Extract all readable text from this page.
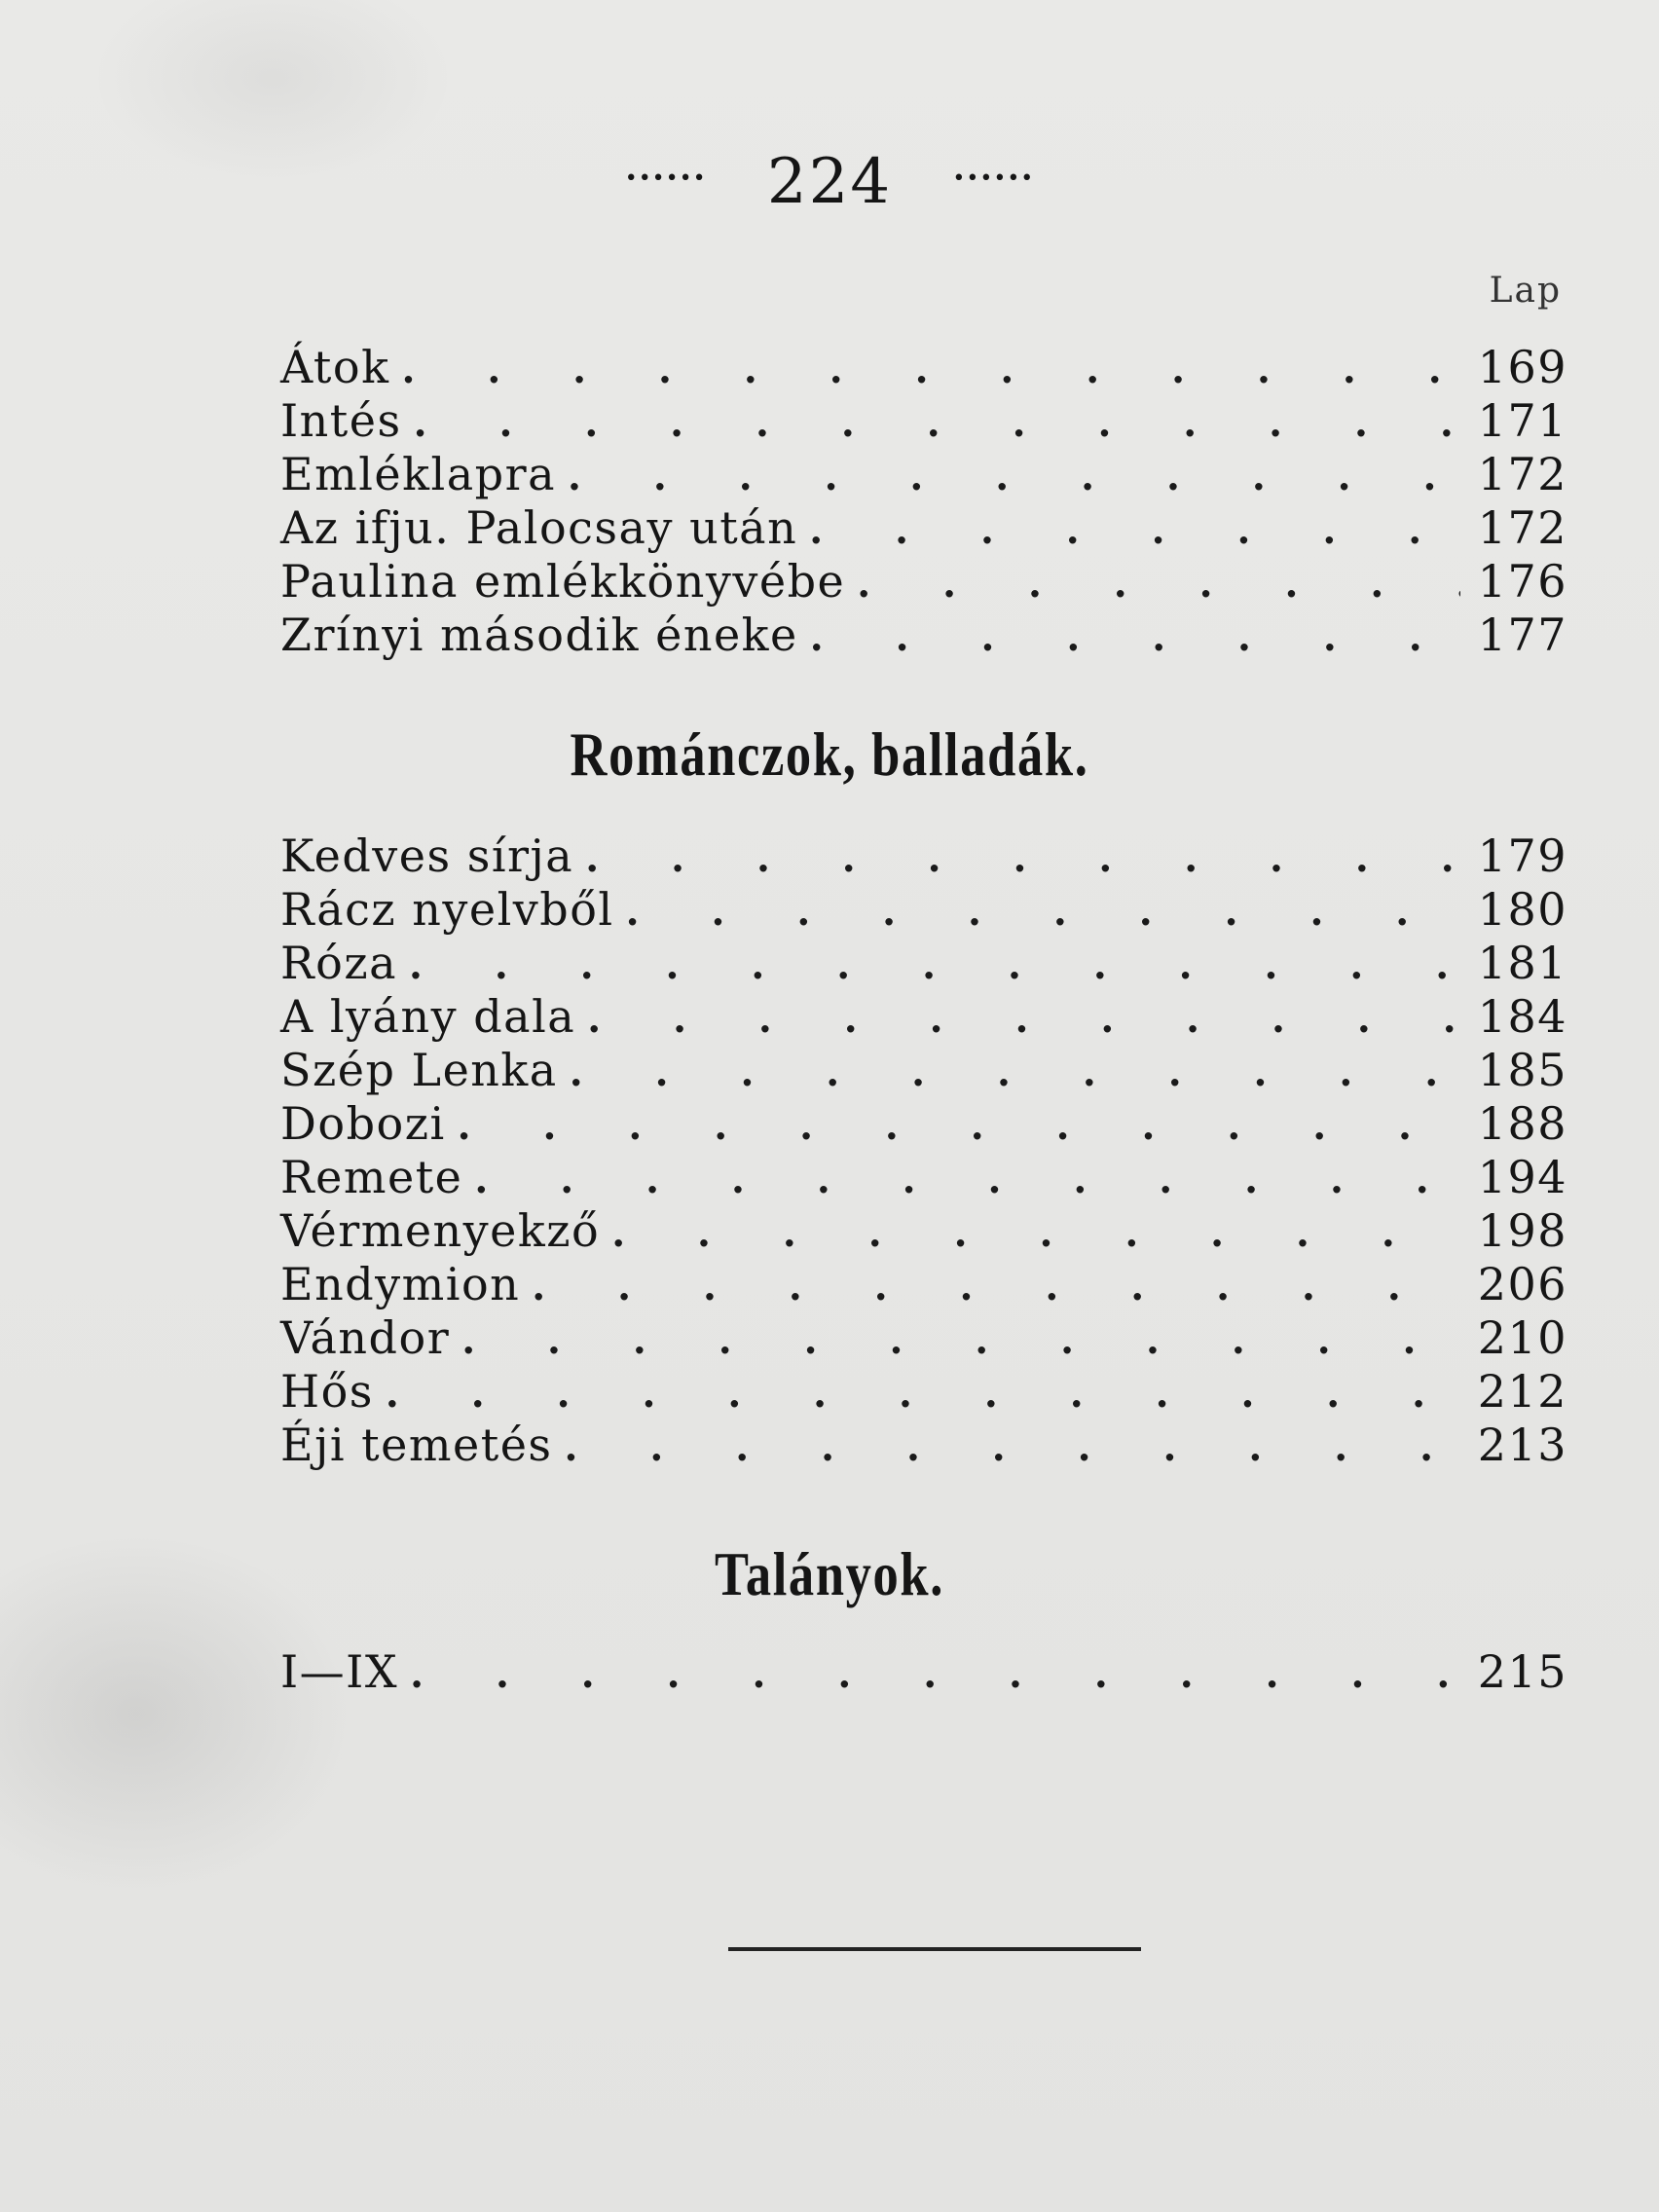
•••••• 224	••••••
Lap
Átok . . .	169
Intés . . .	171
Emléklapra . . .	172
Az ifju. Palocsay után . . .	172
Paulina emlékkönyvébe . . .	176
Zrínyi második éneke . . .	177
Románczok, balladák.
Kedves sírja . . .	179
Rácz nyelvből . . .	180
Róza . . .	181
A lyány dala . . .	184
Szép Lenka . . .	185
Dobozi . . .	188
Remete . . .	194
Vérmenyekző . . .	198
Endymion . . .	206
Vándor . . .	210
Hős . . .	212
Éji temetés . . .	213
Talányok.
I—IX . . .	215
